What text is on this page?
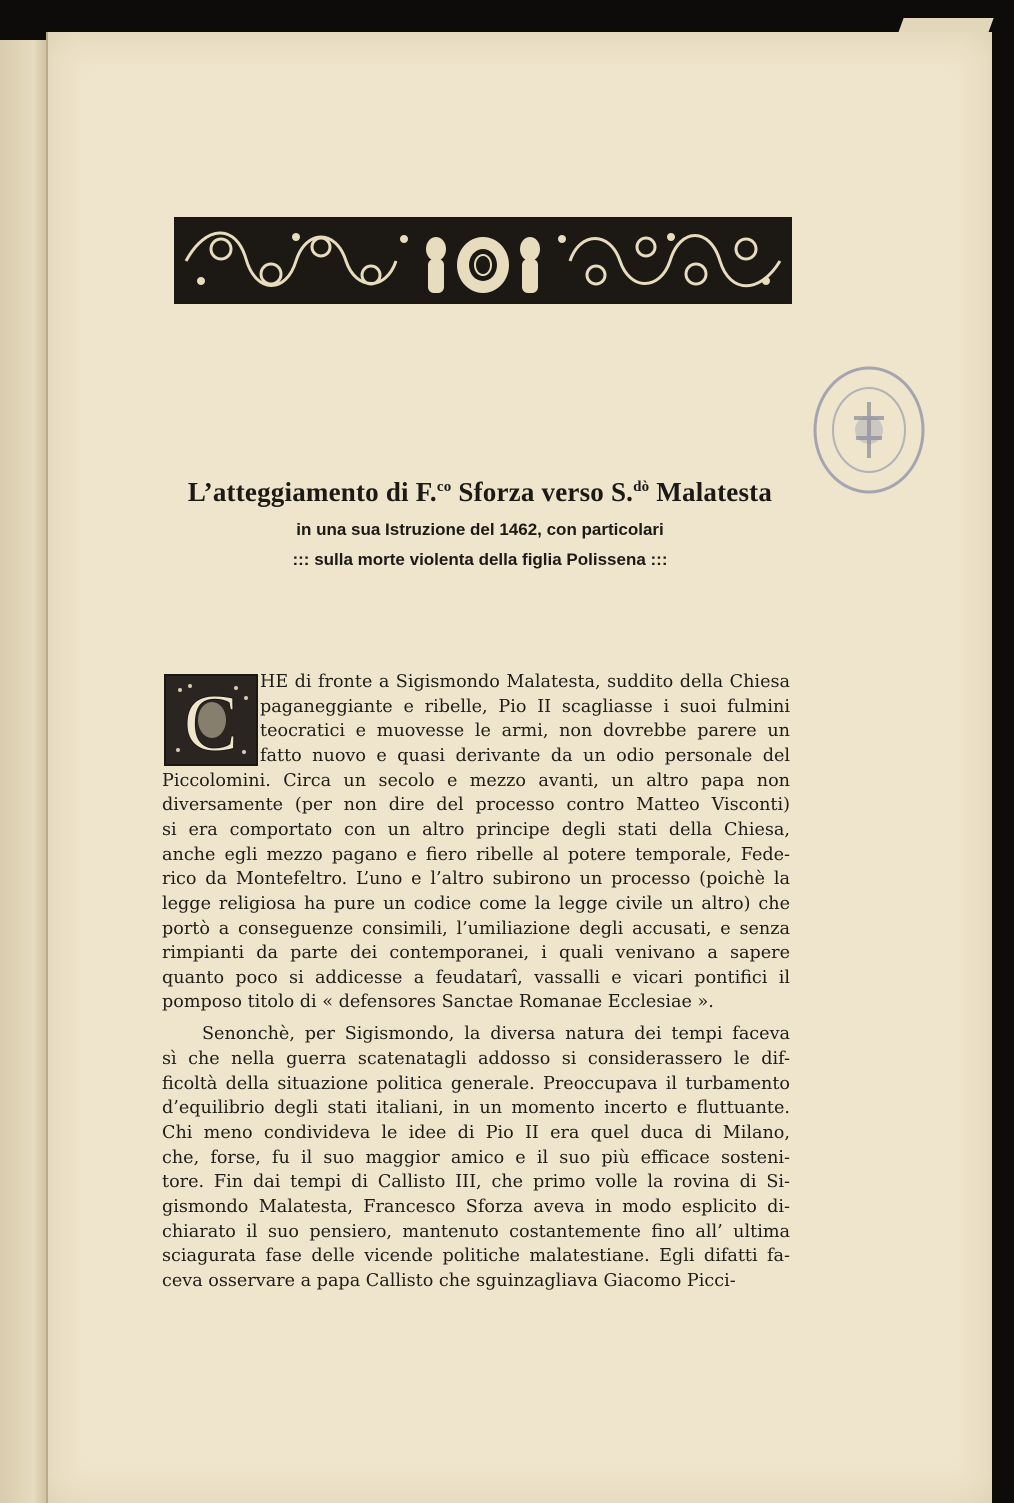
L’atteggiamento di F.$^{co}$ Sforza verso S.$^{dò}$ Malatesta
in una sua Istruzione del 1462, con particolari
::: sulla morte violenta della figlia Polissena :::
C HE di fronte a Sigismondo Malatesta, suddito della Chiesa
paganeggiante e ribelle, Pio II scagliasse i suoi fulmini
teocratici e muovesse le armi, non dovrebbe parere un
fatto nuovo e quasi derivante da un odio personale del
Piccolomini. Circa un secolo e mezzo avanti, un altro papa non
diversamente (per non dire del processo contro Matteo Visconti)
si era comportato con un altro principe degli stati della Chiesa,
anche egli mezzo pagano e fiero ribelle al potere temporale, Fede-
rico da Montefeltro. L’uno e l’altro subirono un processo (poichè la
legge religiosa ha pure un codice come la legge civile un altro) che
portò a conseguenze consimili, l’umiliazione degli accusati, e senza
rimpianti da parte dei contemporanei, i quali venivano a sapere
quanto poco si addicesse a feudatarî, vassalli e vicari pontifici il
pomposo titolo di « defensores Sanctae Romanae Ecclesiae ».
Senonchè, per Sigismondo, la diversa natura dei tempi faceva
sì che nella guerra scatenatagli addosso si considerassero le dif-
ficoltà della situazione politica generale. Preoccupava il turbamento
d’equilibrio degli stati italiani, in un momento incerto e fluttuante.
Chi meno condivideva le idee di Pio II era quel duca di Milano,
che, forse, fu il suo maggior amico e il suo più efficace sosteni-
tore. Fin dai tempi di Callisto III, che primo volle la rovina di Si-
gismondo Malatesta, Francesco Sforza aveva in modo esplicito di-
chiarato il suo pensiero, mantenuto costantemente fino all’ ultima
sciagurata fase delle vicende politiche malatestiane. Egli difatti fa-
ceva osservare a papa Callisto che sguinzagliava Giacomo Picci-
